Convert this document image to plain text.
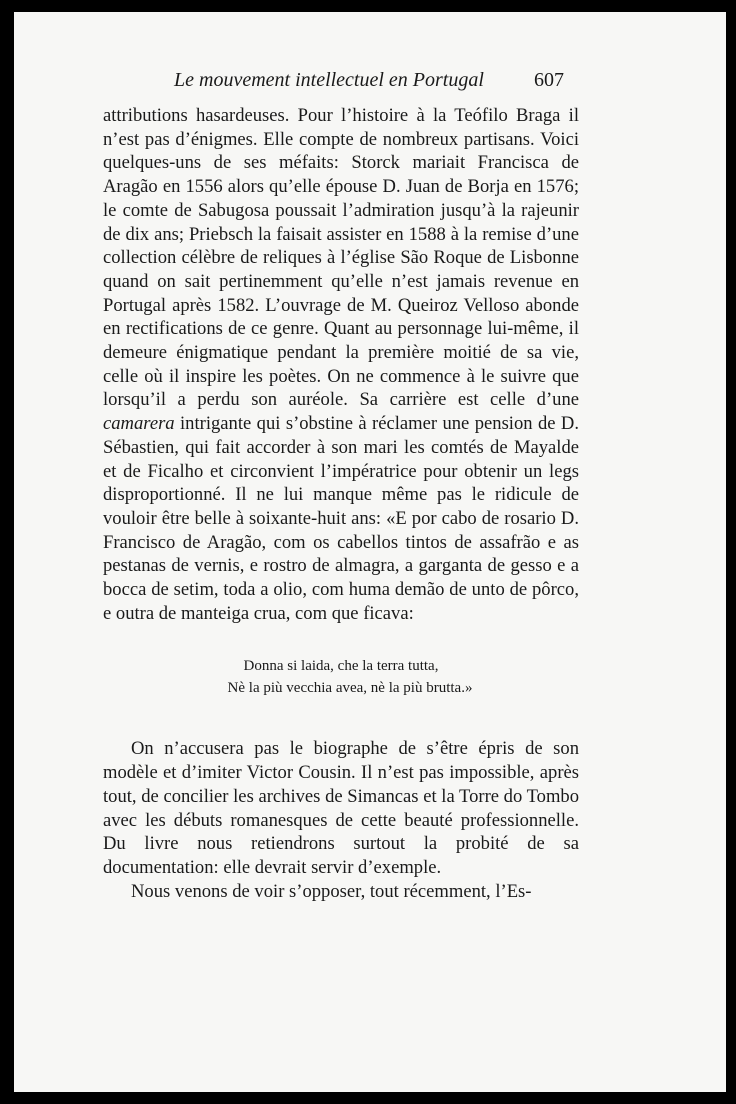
Le mouvement intellectuel en Portugal	607

attributions hasardeuses. Pour l’histoire à la Teófilo Braga il n’est pas d’énigmes. Elle compte de nombreux partisans. Voici quelques-uns de ses méfaits: Storck mariait Francisca de Aragão en 1556 alors qu’elle épouse D. Juan de Borja en 1576; le comte de Sabugosa poussait l’admiration jusqu’à la rajeunir de dix ans; Priebsch la faisait assister en 1588 à la remise d’une collection célèbre de reliques à l’église São Roque de Lisbonne quand on sait pertinemment qu’elle n’est jamais revenue en Portugal après 1582. L’ouvrage de M. Queiroz Velloso abonde en rectifications de ce genre. Quant au personnage lui-même, il demeure énigmatique pendant la première moitié de sa vie, celle où il inspire les poètes. On ne commence à le suivre que lorsqu’il a perdu son auréole. Sa carrière est celle d’une camarera intrigante qui s’obstine à réclamer une pension de D. Sébastien, qui fait accorder à son mari les comtés de Mayalde et de Ficalho et circonvient l’impératrice pour obtenir un legs disproportionné. Il ne lui manque même pas le ridicule de vouloir être belle à soixante-huit ans: «E por cabo de rosario D. Francisco de Aragão, com os cabellos tintos de assafrão e as pestanas de vernis, e rostro de almagra, a garganta de gesso e a bocca de setim, toda a olio, com huma demão de unto de pôrco, e outra de manteiga crua, com que ficava:

Donna si laida, che la terra tutta,
Nè la più vecchia avea, nè la più brutta.»

On n’accusera pas le biographe de s’être épris de son modèle et d’imiter Victor Cousin. Il n’est pas impossible, après tout, de concilier les archives de Simancas et la Torre do Tombo avec les débuts romanesques de cette beauté professionnelle. Du livre nous retiendrons surtout la probité de sa documentation: elle devrait servir d’exemple.

Nous venons de voir s’opposer, tout récemment, l’Es-
